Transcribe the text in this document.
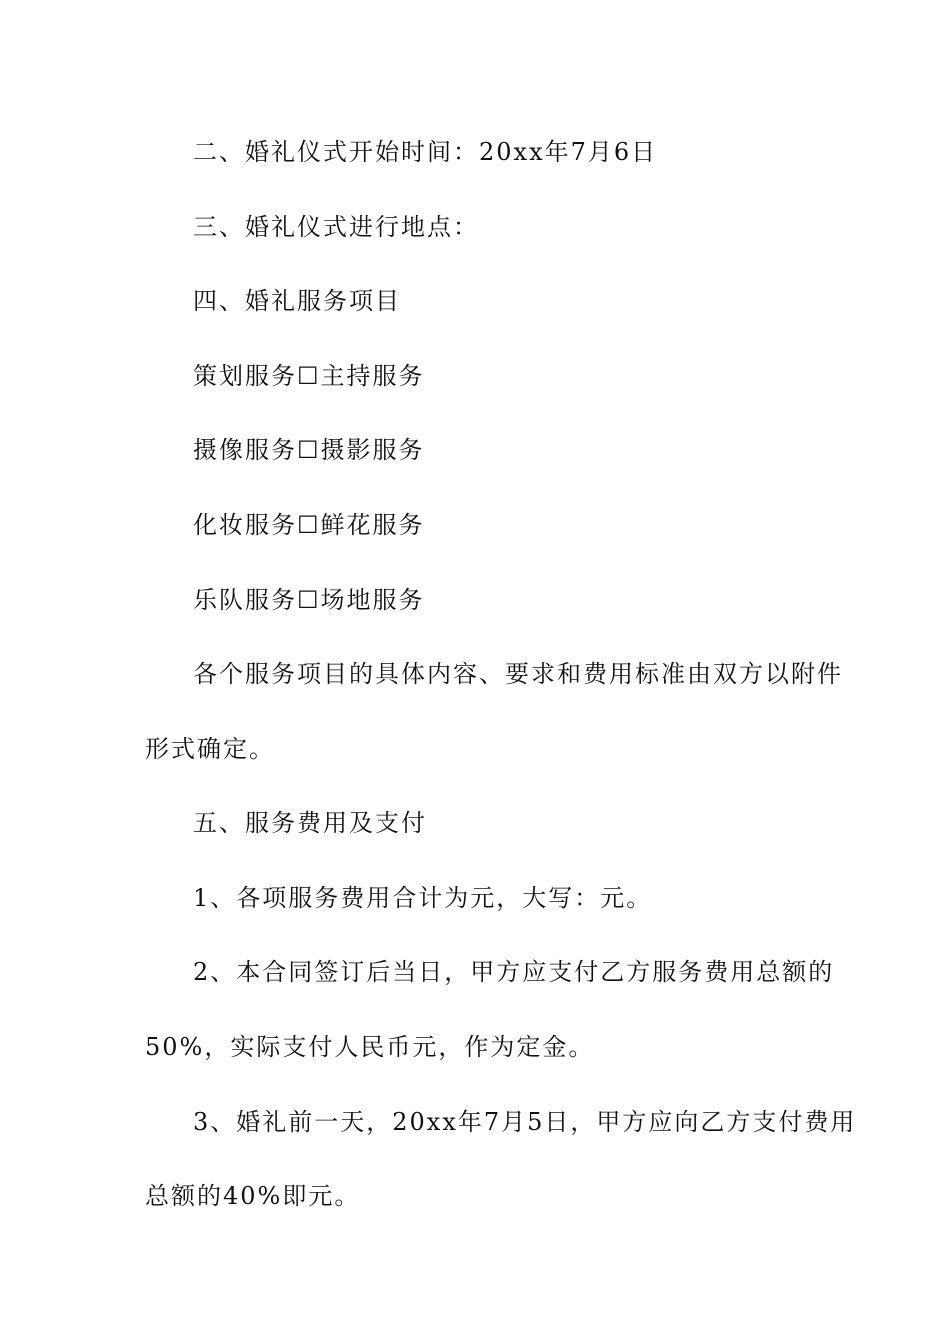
二、婚礼仪式开始时间：20xx年7月6日
三、婚礼仪式进行地点：
四、婚礼服务项目
策划服务☐主持服务
摄像服务☐摄影服务
化妆服务☐鲜花服务
乐队服务☐场地服务
各个服务项目的具体内容、要求和费用标准由双方以附件
形式确定。
五、服务费用及支付
1、各项服务费用合计为元，大写：元。
2、本合同签订后当日，甲方应支付乙方服务费用总额的
50%，实际支付人民币元，作为定金。
3、婚礼前一天，20xx年7月5日，甲方应向乙方支付费用
总额的40%即元。
